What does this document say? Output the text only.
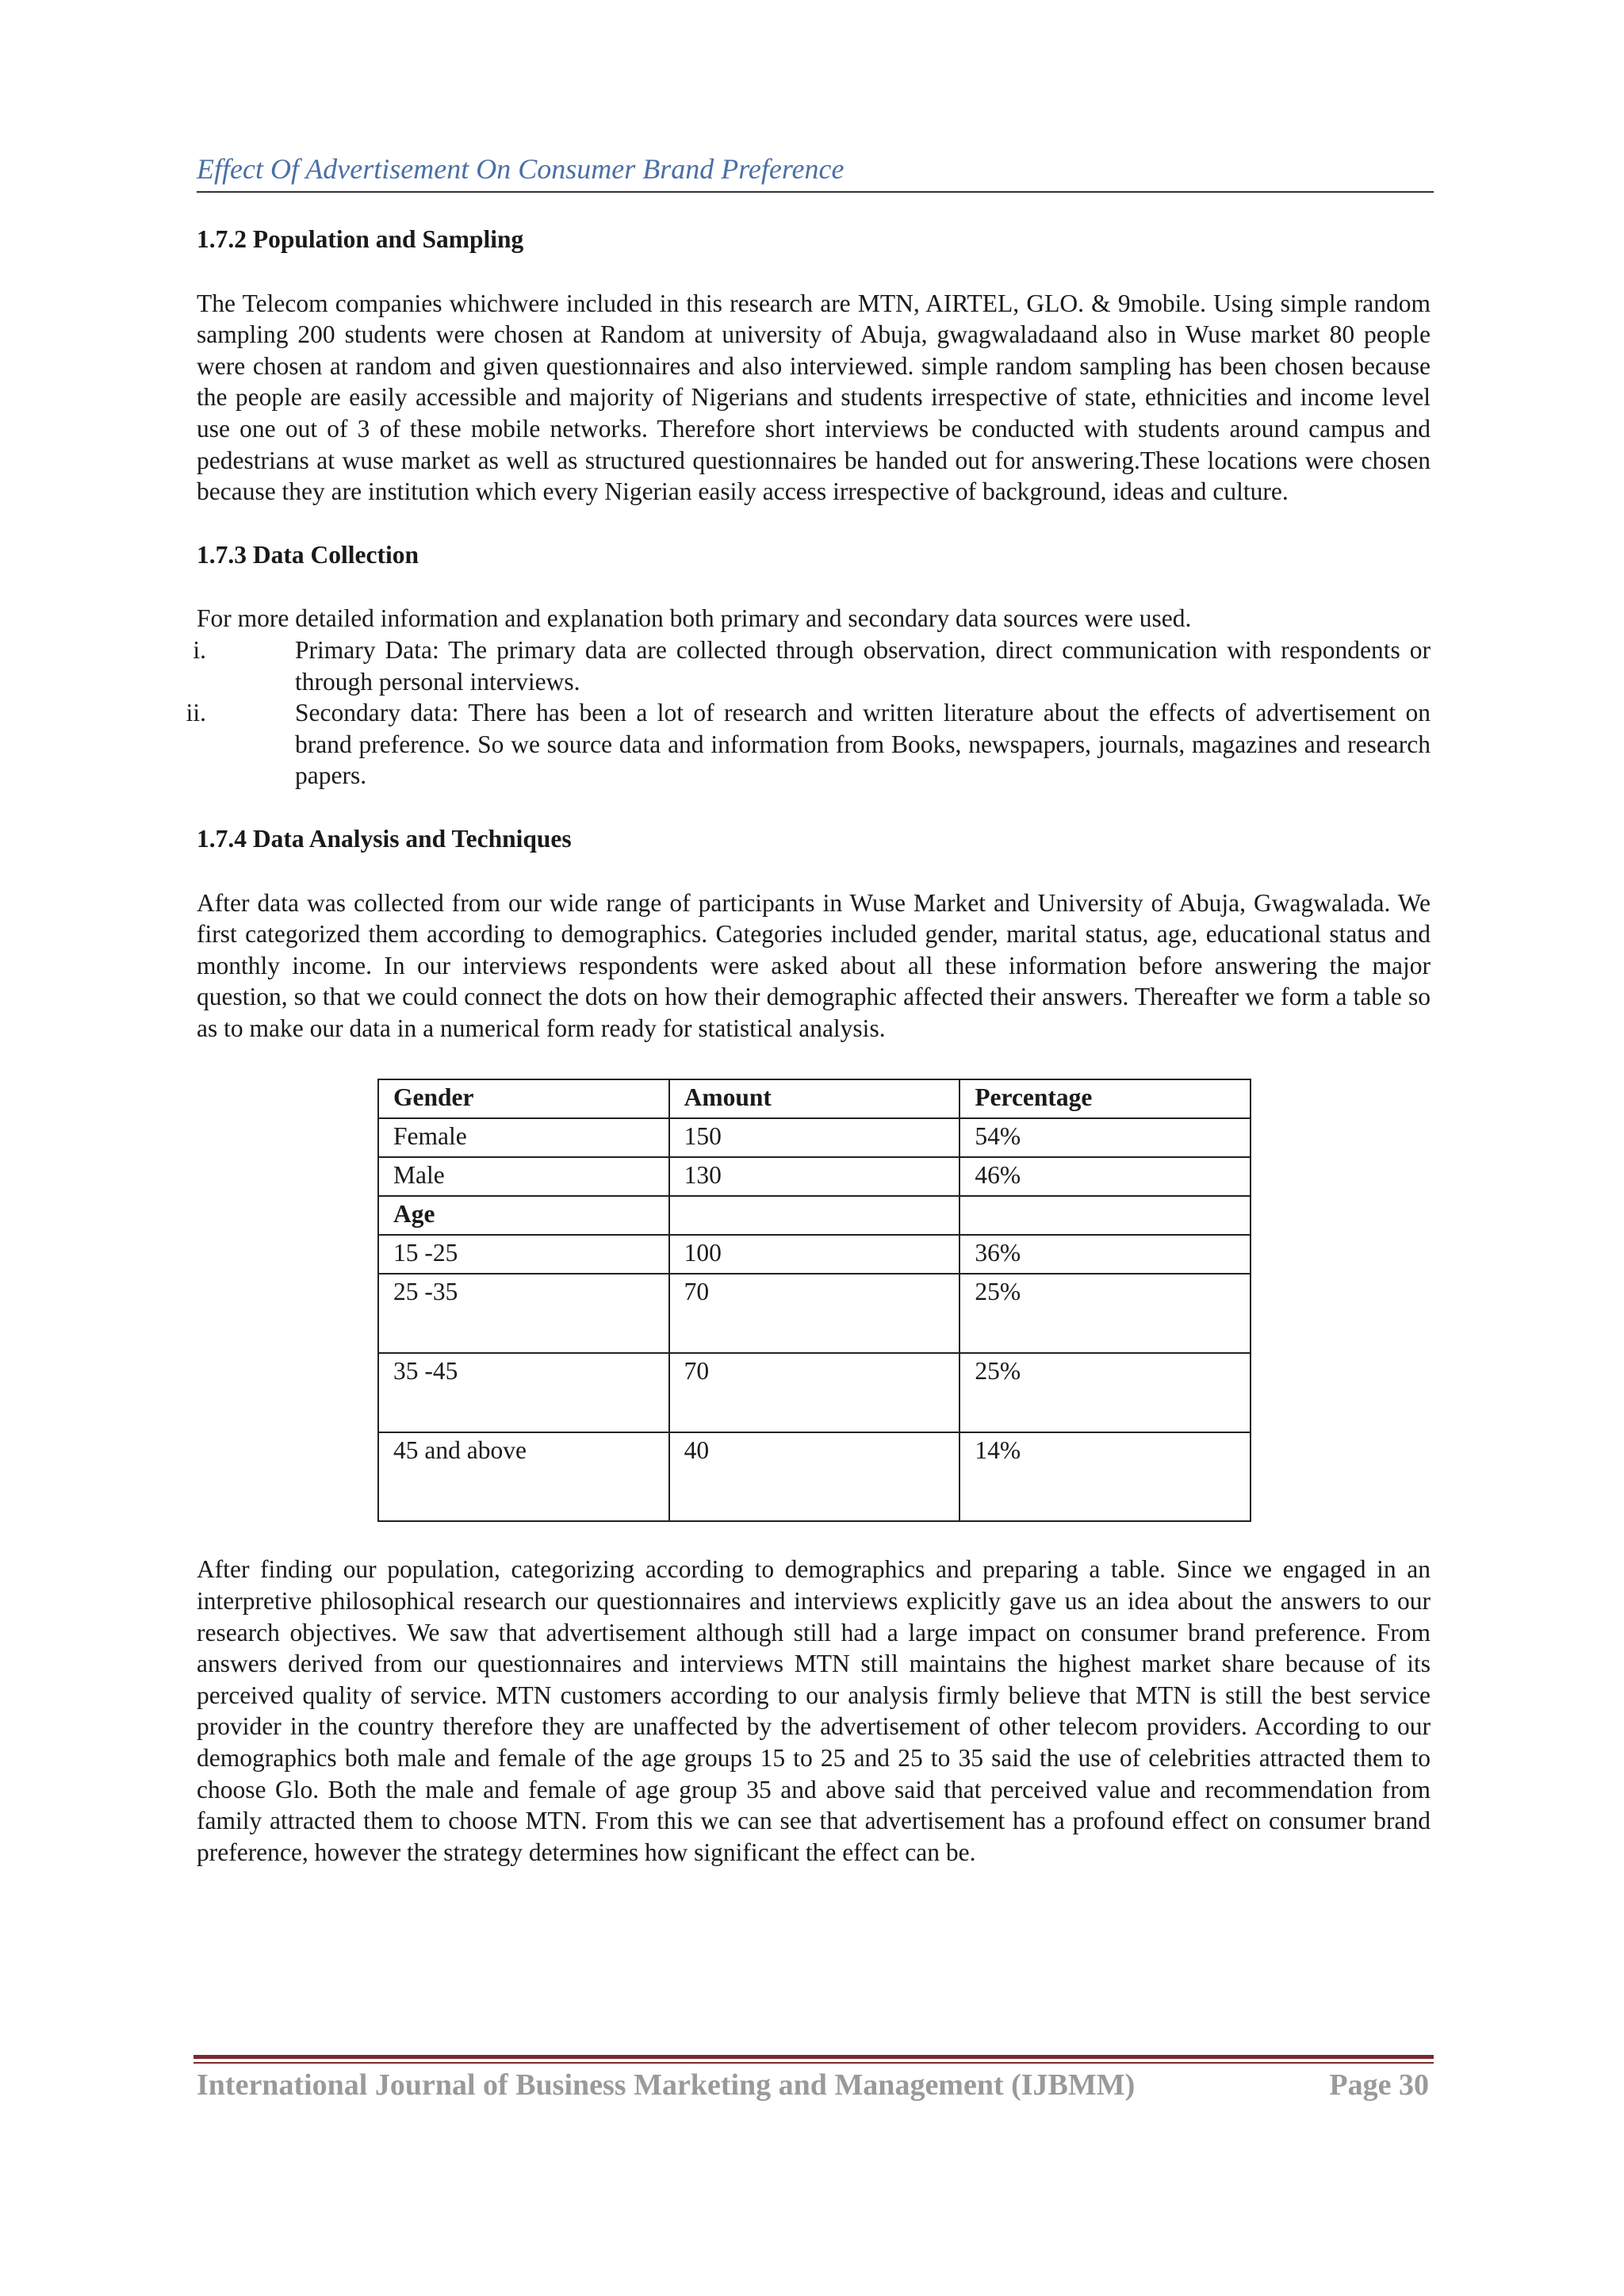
Effect Of Advertisement On Consumer Brand Preference

1.7.2 Population and Sampling

The Telecom companies whichwere included in this research are MTN, AIRTEL, GLO. & 9mobile. Using simple random sampling 200 students were chosen at Random at university of Abuja, gwagwaladaand also in Wuse market 80 people were chosen at random and given questionnaires and also interviewed. simple random sampling has been chosen because the people are easily accessible and majority of Nigerians and students irrespective of state, ethnicities and income level use one out of 3 of these mobile networks. Therefore short interviews be conducted with students around campus and pedestrians at wuse market as well as structured questionnaires be handed out for answering.These locations were chosen because they are institution which every Nigerian easily access irrespective of background, ideas and culture.

1.7.3 Data Collection

For more detailed information and explanation both primary and secondary data sources were used.

i.	Primary Data: The primary data are collected through observation, direct communication with respondents or through personal interviews.
ii.	Secondary data: There has been a lot of research and written literature about the effects of advertisement on brand preference. So we source data and information from Books, newspapers, journals, magazines and research papers.

1.7.4 Data Analysis and Techniques

After data was collected from our wide range of participants in Wuse Market and University of Abuja, Gwagwalada. We first categorized them according to demographics. Categories included gender, marital status, age, educational status and monthly income. In our interviews respondents were asked about all these information before answering the major question, so that we could connect the dots on how their demographic affected their answers. Thereafter we form a table so as to make our data in a numerical form ready for statistical analysis.

Gender	Amount	Percentage
Female	150	54%
Male	130	46%
Age		
15 -25	100	36%
25 -35	70	25%
35 -45	70	25%
45 and above	40	14%

After finding our population, categorizing according to demographics and preparing a table. Since we engaged in an interpretive philosophical research our questionnaires and interviews explicitly gave us an idea about the answers to our research objectives. We saw that advertisement although still had a large impact on consumer brand preference. From answers derived from our questionnaires and interviews MTN still maintains the highest market share because of its perceived quality of service. MTN customers according to our analysis firmly believe that MTN is still the best service provider in the country therefore they are unaffected by the advertisement of other telecom providers. According to our demographics both male and female of the age groups 15 to 25 and 25 to 35 said the use of celebrities attracted them to choose Glo. Both the male and female of age group 35 and above said that perceived value and recommendation from family attracted them to choose MTN. From this we can see that advertisement has a profound effect on consumer brand preference, however the strategy determines how significant the effect can be.

International Journal of Business Marketing and Management (IJBMM)	Page 30
